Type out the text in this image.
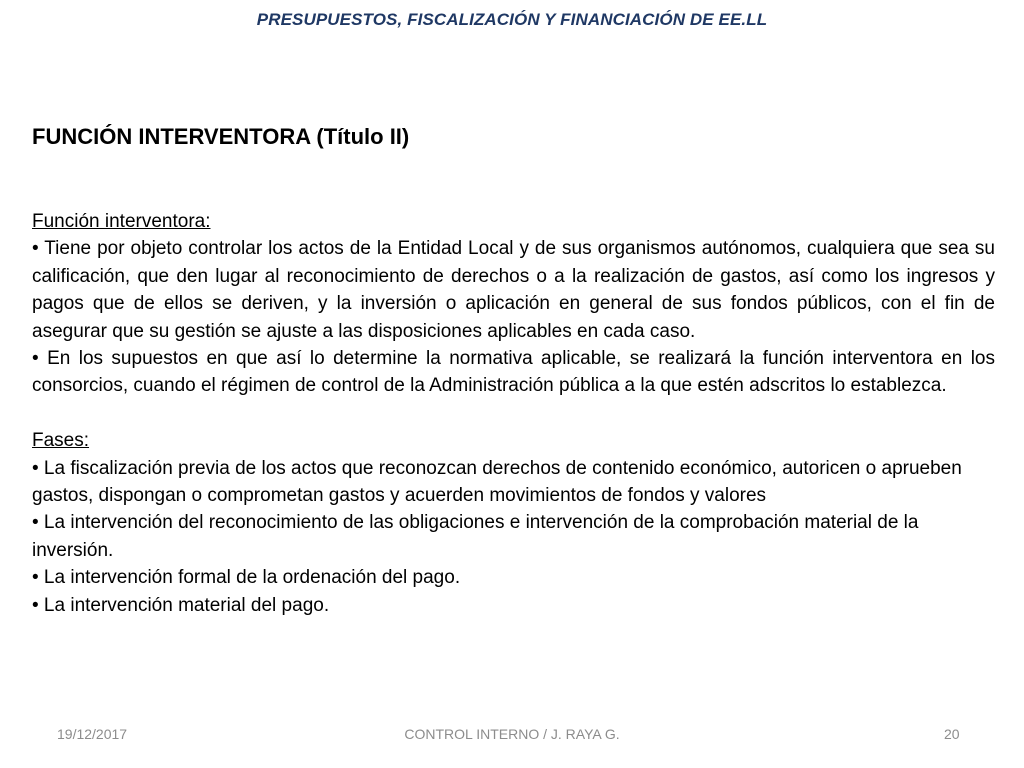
PRESUPUESTOS, FISCALIZACIÓN Y FINANCIACIÓN DE EE.LL
FUNCIÓN INTERVENTORA (Título II)

Función interventora:

• Tiene por objeto controlar los actos de la Entidad Local y de sus organismos autónomos, cualquiera que sea su calificación, que den lugar al reconocimiento de derechos o a la realización de gastos, así como los ingresos y pagos que de ellos se deriven, y la inversión o aplicación en general de sus fondos públicos, con el fin de asegurar que su gestión se ajuste a las disposiciones aplicables en cada caso.

• En los supuestos en que así lo determine la normativa aplicable, se realizará la función interventora en los consorcios, cuando el régimen de control de la Administración pública a la que estén adscritos lo establezca.

Fases:

• La fiscalización previa de los actos que reconozcan derechos de contenido económico, autoricen o aprueben gastos, dispongan o comprometan gastos y acuerden movimientos de fondos y valores

• La intervención del reconocimiento de las obligaciones e intervención de la comprobación material de la inversión.

• La intervención formal de la ordenación del pago.

• La intervención material del pago.

19/12/2017	CONTROL INTERNO / J. RAYA G.	20
